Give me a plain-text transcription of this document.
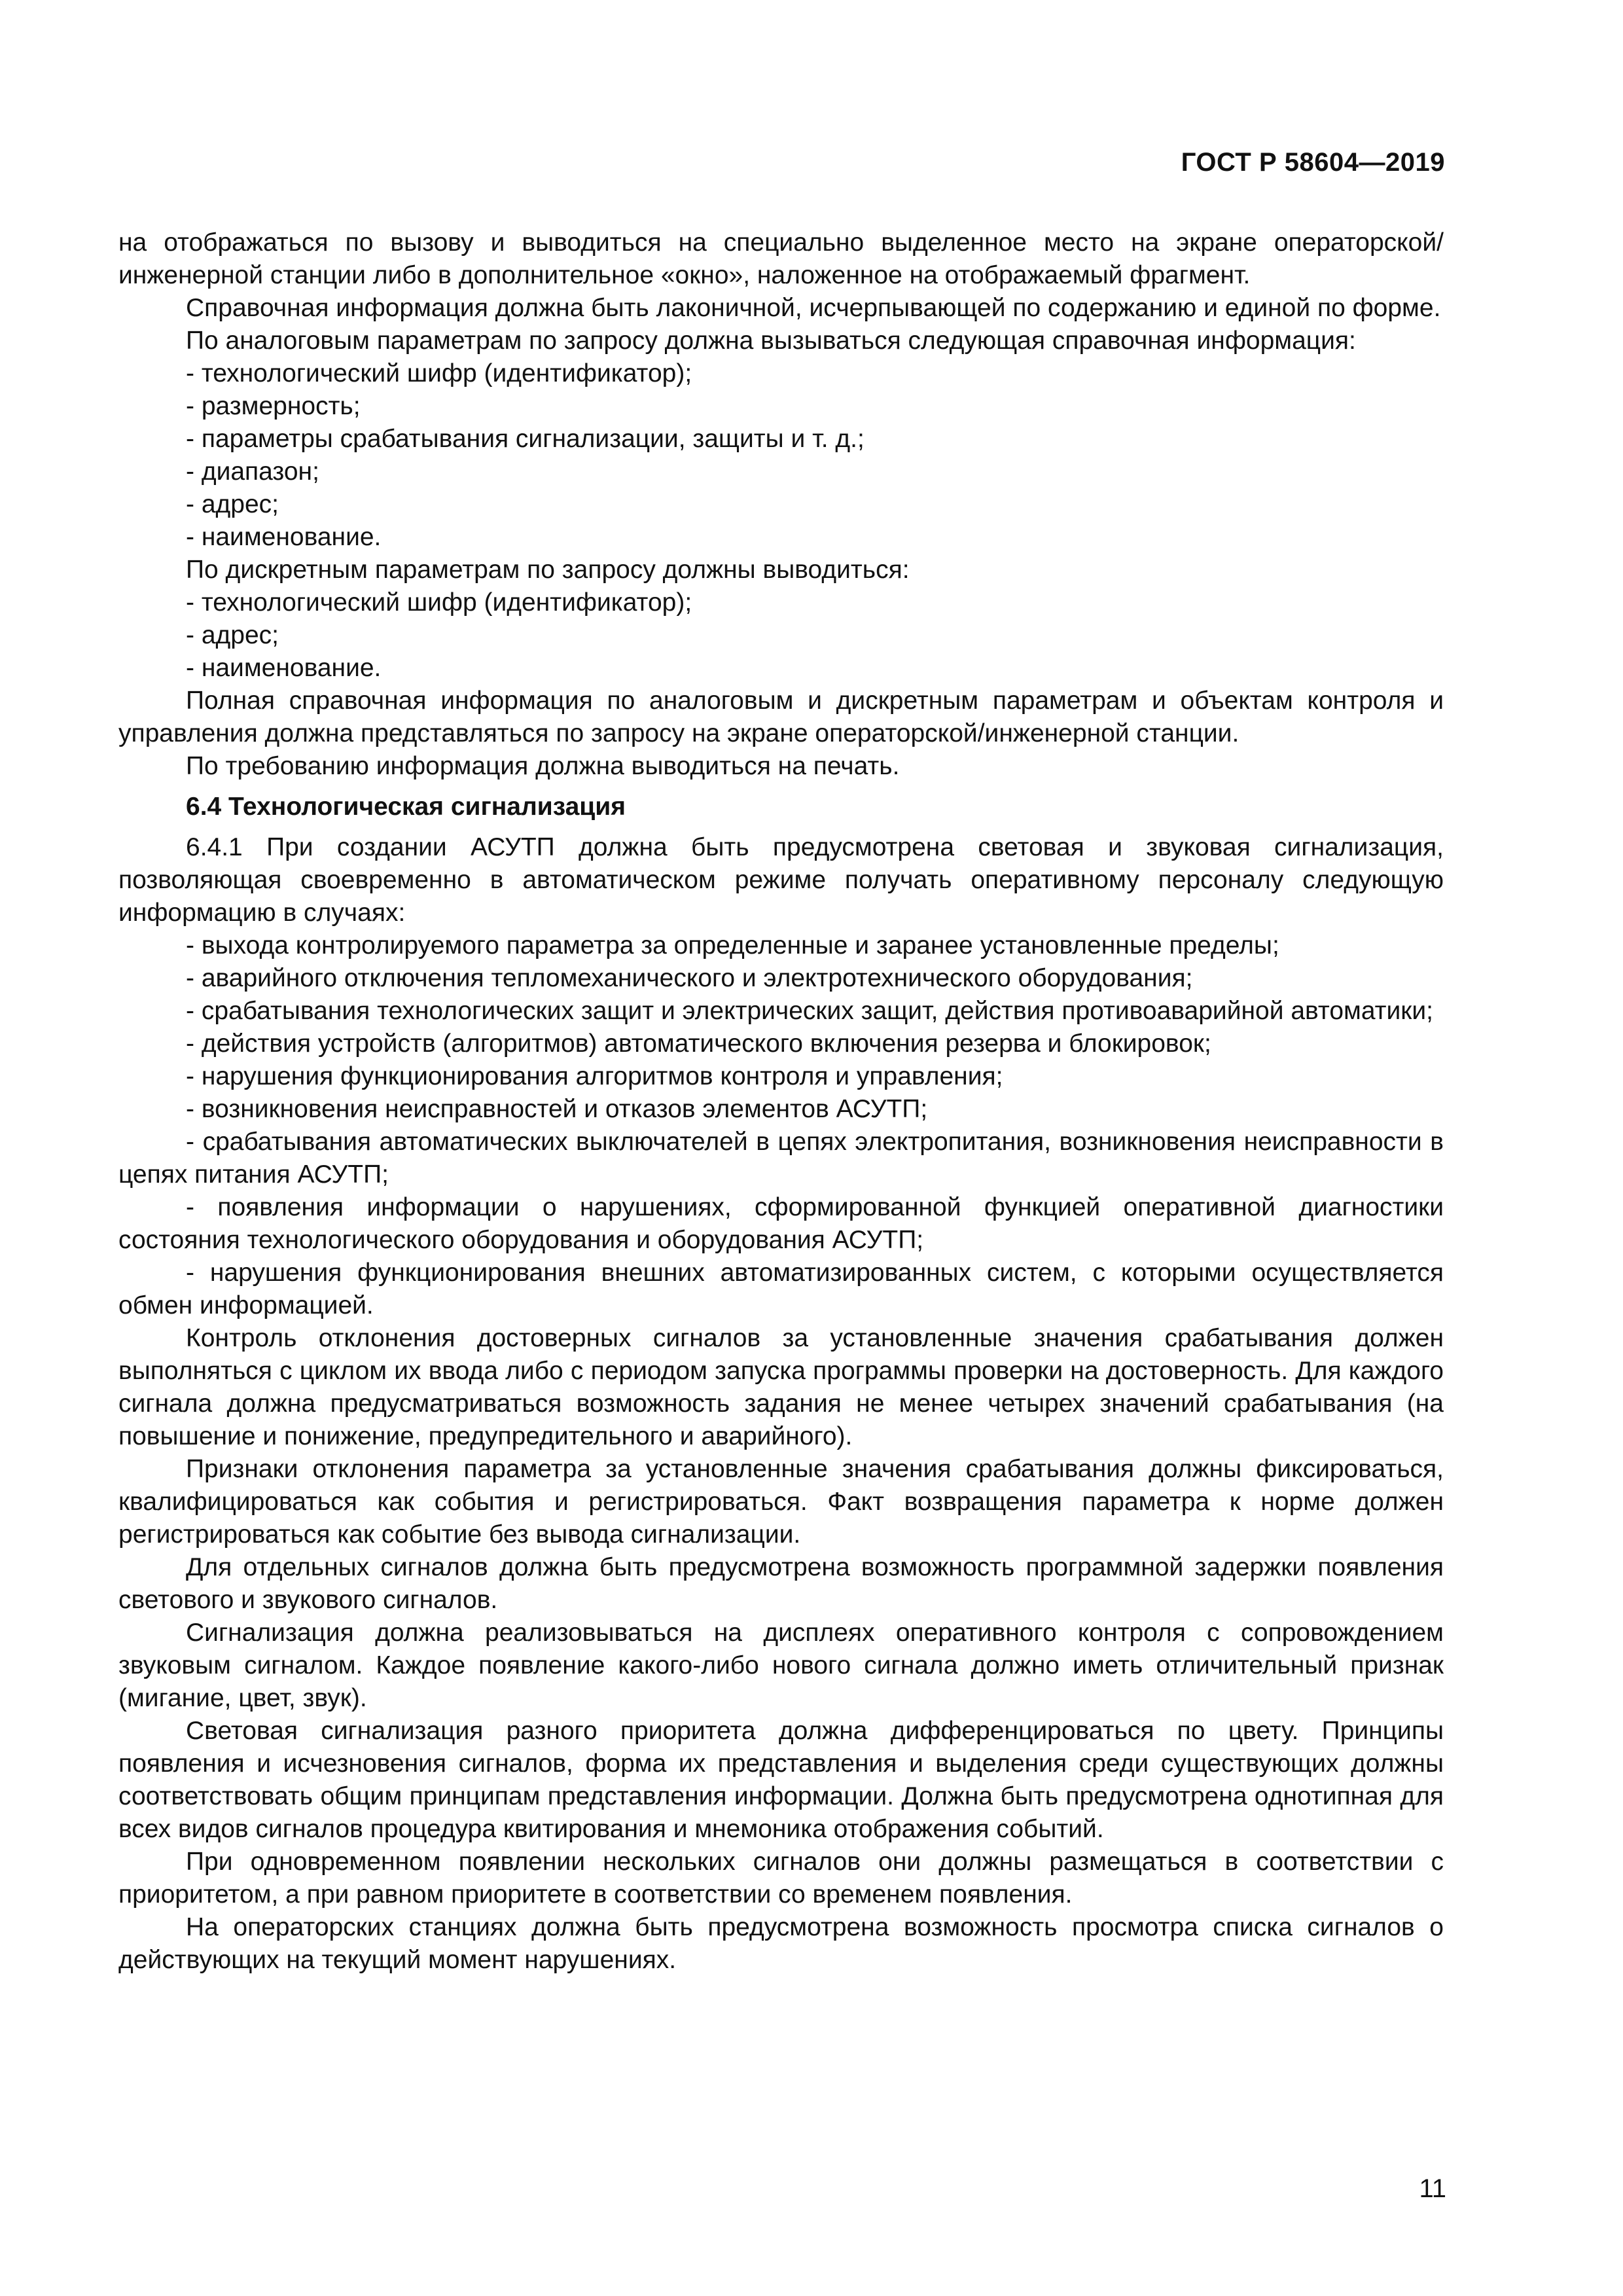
ГОСТ Р 58604—2019

на отображаться по вызову и выводиться на специально выделенное место на экране операторской/инженерной станции либо в дополнительное «окно», наложенное на отображаемый фрагмент.

Справочная информация должна быть лаконичной, исчерпывающей по содержанию и единой по форме.

По аналоговым параметрам по запросу должна вызываться следующая справочная информация:

- технологический шифр (идентификатор);

- размерность;

- параметры срабатывания сигнализации, защиты и т. д.;

- диапазон;

- адрес;

- наименование.

По дискретным параметрам по запросу должны выводиться:

- технологический шифр (идентификатор);

- адрес;

- наименование.

Полная справочная информация по аналоговым и дискретным параметрам и объектам контроля и управления должна представляться по запросу на экране операторской/инженерной станции.

По требованию информация должна выводиться на печать.

6.4 Технологическая сигнализация

6.4.1 При создании АСУТП должна быть предусмотрена световая и звуковая сигнализация, позволяющая своевременно в автоматическом режиме получать оперативному персоналу следующую информацию в случаях:

- выхода контролируемого параметра за определенные и заранее установленные пределы;

- аварийного отключения тепломеханического и электротехнического оборудования;

- срабатывания технологических защит и электрических защит, действия противоаварийной автоматики;

- действия устройств (алгоритмов) автоматического включения резерва и блокировок;

- нарушения функционирования алгоритмов контроля и управления;

- возникновения неисправностей и отказов элементов АСУТП;

- срабатывания автоматических выключателей в цепях электропитания, возникновения неисправности в цепях питания АСУТП;

- появления информации о нарушениях, сформированной функцией оперативной диагностики состояния технологического оборудования и оборудования АСУТП;

- нарушения функционирования внешних автоматизированных систем, с которыми осуществляется обмен информацией.

Контроль отклонения достоверных сигналов за установленные значения срабатывания должен выполняться с циклом их ввода либо с периодом запуска программы проверки на достоверность. Для каждого сигнала должна предусматриваться возможность задания не менее четырех значений срабатывания (на повышение и понижение, предупредительного и аварийного).

Признаки отклонения параметра за установленные значения срабатывания должны фиксироваться, квалифицироваться как события и регистрироваться. Факт возвращения параметра к норме должен регистрироваться как событие без вывода сигнализации.

Для отдельных сигналов должна быть предусмотрена возможность программной задержки появления светового и звукового сигналов.

Сигнализация должна реализовываться на дисплеях оперативного контроля с сопровождением звуковым сигналом. Каждое появление какого-либо нового сигнала должно иметь отличительный признак (мигание, цвет, звук).

Световая сигнализация разного приоритета должна дифференцироваться по цвету. Принципы появления и исчезновения сигналов, форма их представления и выделения среди существующих должны соответствовать общим принципам представления информации. Должна быть предусмотрена однотипная для всех видов сигналов процедура квитирования и мнемоника отображения событий.

При одновременном появлении нескольких сигналов они должны размещаться в соответствии с приоритетом, а при равном приоритете в соответствии со временем появления.

На операторских станциях должна быть предусмотрена возможность просмотра списка сигналов о действующих на текущий момент нарушениях.

11
